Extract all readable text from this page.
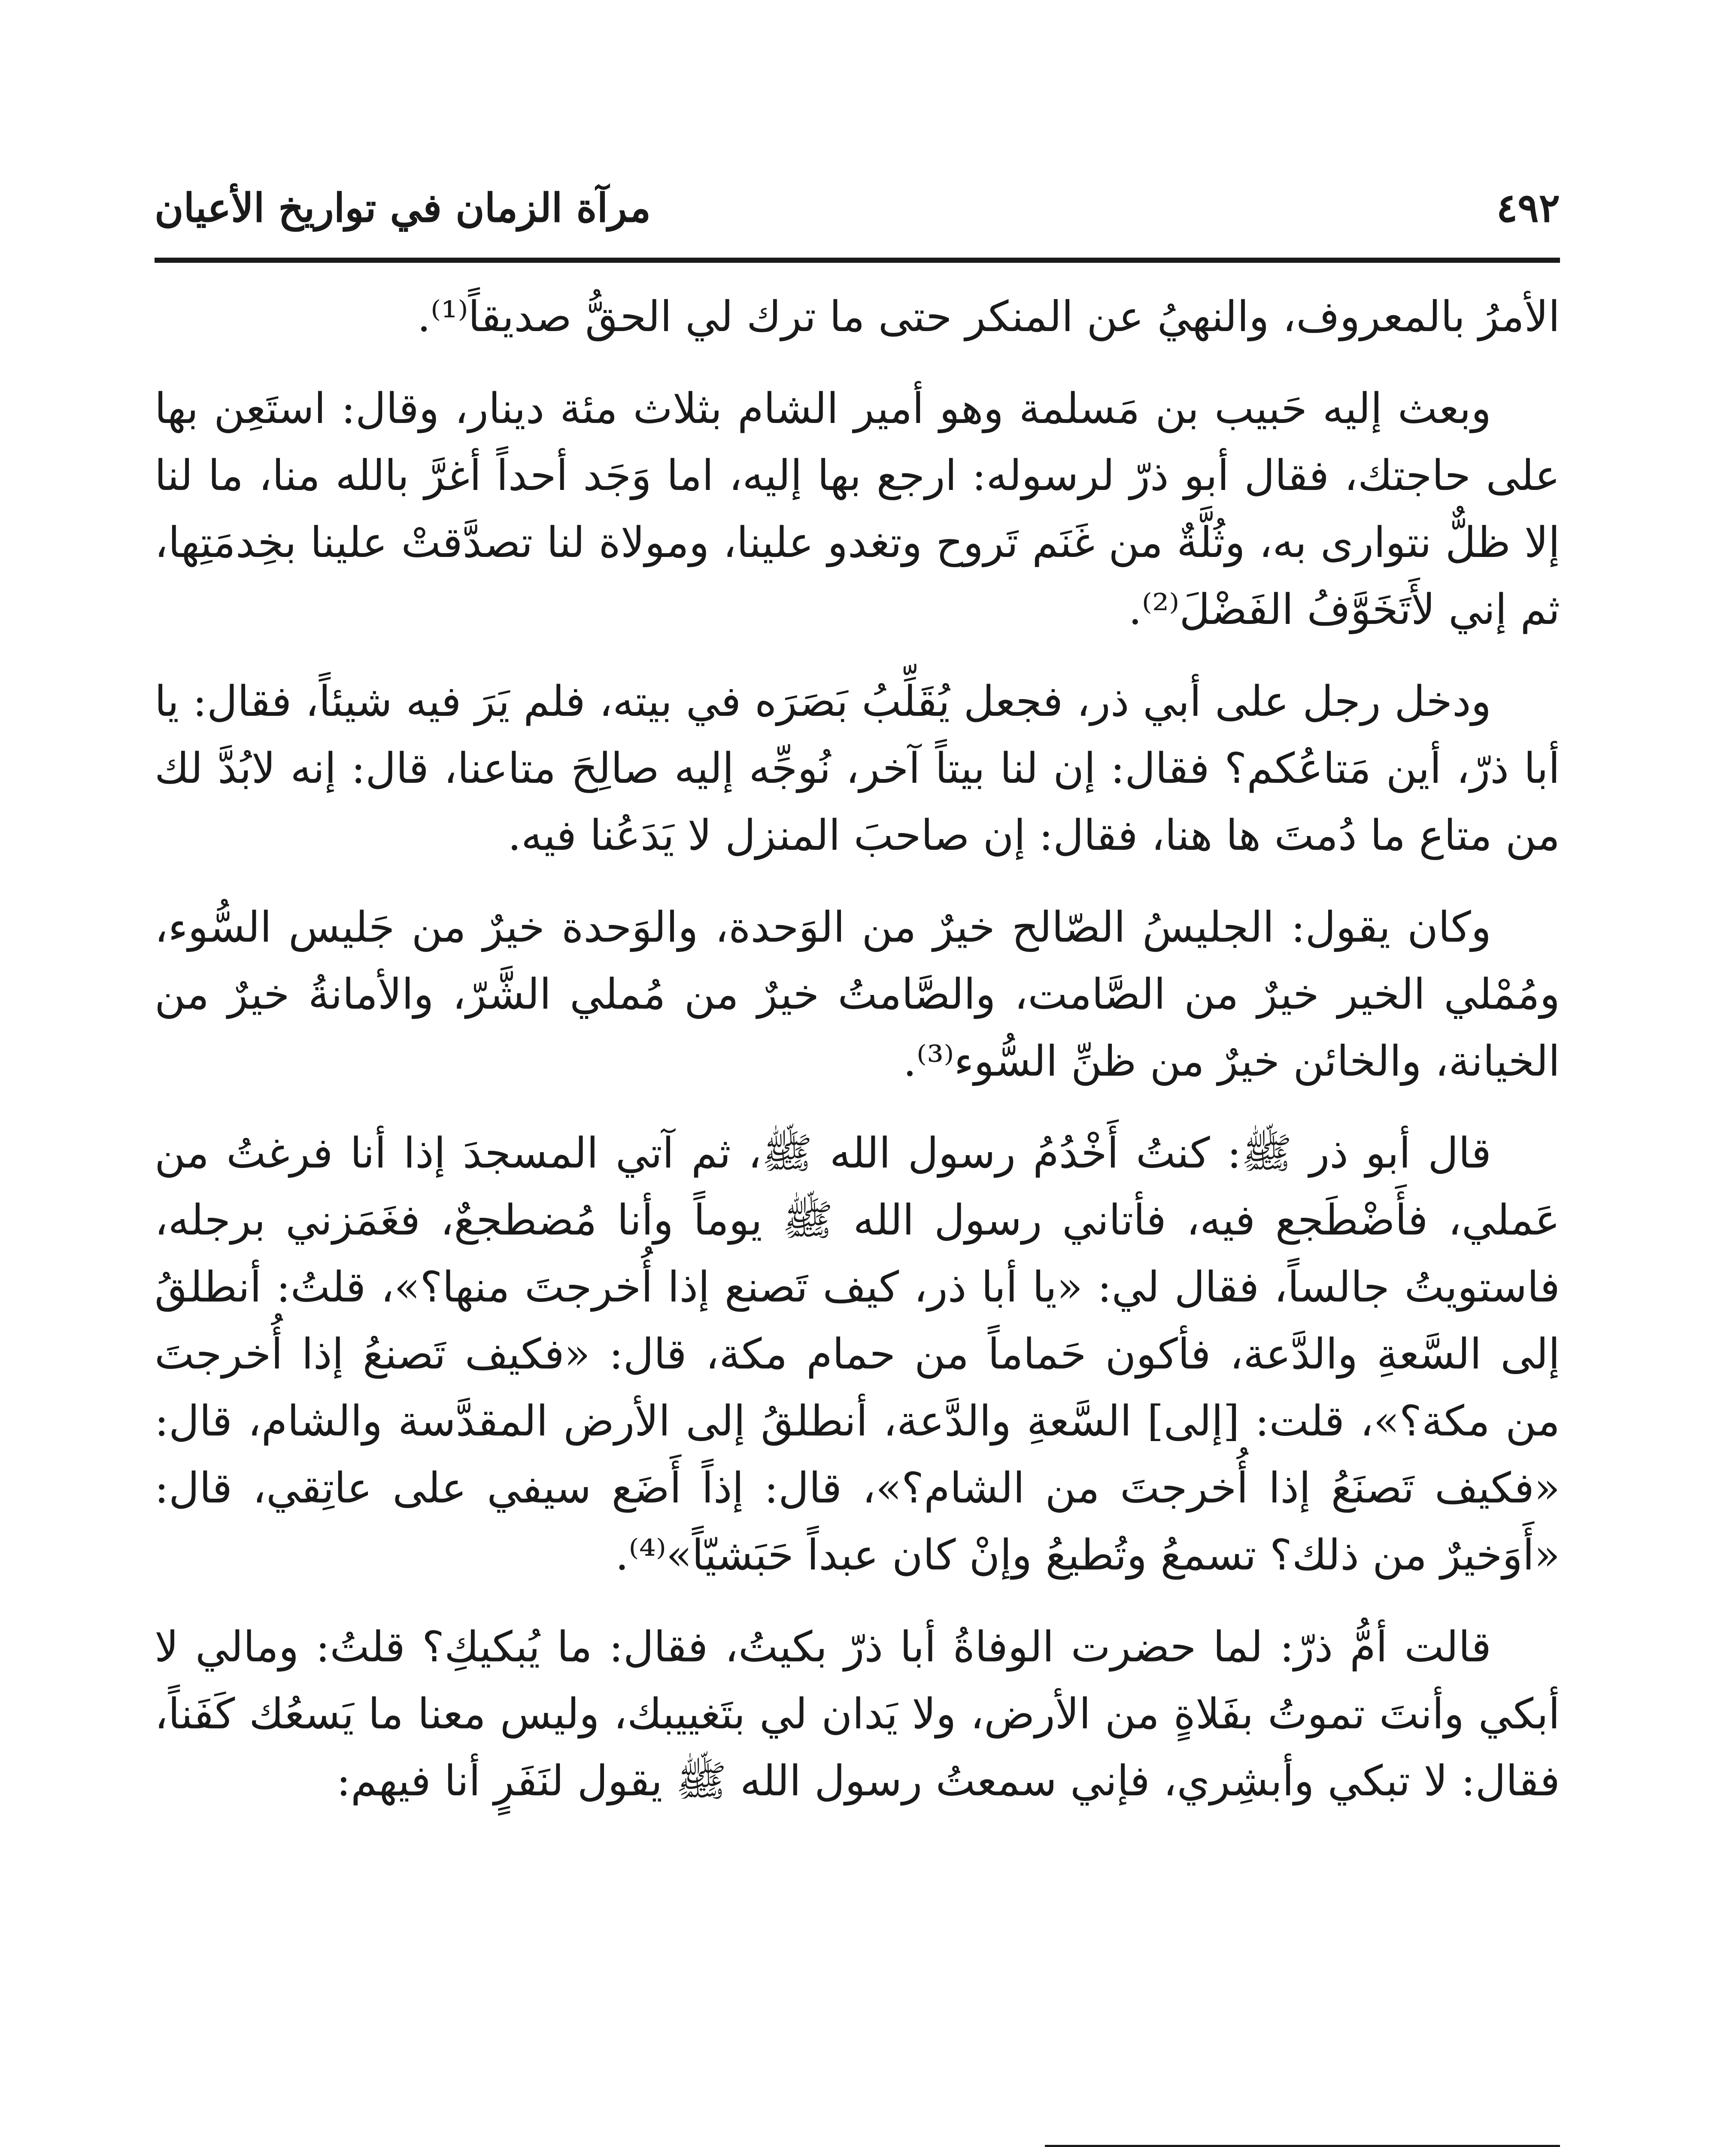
٤٩٢
مرآة الزمان في تواريخ الأعيان

الأمرُ بالمعروف، والنهيُ عن المنكر حتى ما ترك لي الحقُّ صديقاً⁽¹⁾.

وبعث إليه حَبيب بن مَسلمة وهو أمير الشام بثلاث مئة دينار، وقال: استَعِن بها على حاجتك، فقال أبو ذرّ لرسوله: ارجع بها إليه، اما وَجَد أحداً أغرَّ بالله منا، ما لنا إلا ظلٌّ نتوارى به، وثُلَّةٌ من غَنَم تَروح وتغدو علينا، ومولاة لنا تصدَّقتْ علينا بخِدمَتِها، ثم إني لأَتَخَوَّفُ الفَضْلَ⁽²⁾.

ودخل رجل على أبي ذر، فجعل يُقَلِّبُ بَصَرَه في بيته، فلم يَرَ فيه شيئاً، فقال: يا أبا ذرّ، أين مَتاعُكم؟ فقال: إن لنا بيتاً آخر، نُوجِّه إليه صالِحَ متاعنا، قال: إنه لابُدَّ لك من متاع ما دُمتَ ها هنا، فقال: إن صاحبَ المنزل لا يَدَعُنا فيه.

وكان يقول: الجليسُ الصّالح خيرٌ من الوَحدة، والوَحدة خيرٌ من جَليس السُّوء، ومُمْلي الخير خيرٌ من الصَّامت، والصَّامتُ خيرٌ من مُملي الشَّرّ، والأمانةُ خيرٌ من الخيانة، والخائن خيرٌ من ظنِّ السُّوء⁽³⁾.

قال أبو ذر ﷺ: كنتُ أَخْدُمُ رسول الله ﷺ، ثم آتي المسجدَ إذا أنا فرغتُ من عَملي، فأَضْطَجع فيه، فأتاني رسول الله ﷺ يوماً وأنا مُضطجعٌ، فغَمَزني برجله، فاستويتُ جالساً، فقال لي: «يا أبا ذر، كيف تَصنع إذا أُخرجتَ منها؟»، قلتُ: أنطلقُ إلى السَّعةِ والدَّعة، فأكون حَماماً من حمام مكة، قال: «فكيف تَصنعُ إذا أُخرجتَ من مكة؟»، قلت: [إلى] السَّعةِ والدَّعة، أنطلقُ إلى الأرض المقدَّسة والشام، قال: «فكيف تَصنَعُ إذا أُخرجتَ من الشام؟»، قال: إذاً أَضَع سيفي على عاتِقي، قال: «أَوَخيرٌ من ذلك؟ تسمعُ وتُطيعُ وإنْ كان عبداً حَبَشيّاً»⁽⁴⁾.

قالت أمُّ ذرّ: لما حضرت الوفاةُ أبا ذرّ بكيتُ، فقال: ما يُبكيكِ؟ قلتُ: ومالي لا أبكي وأنتَ تموتُ بفَلاةٍ من الأرض، ولا يَدان لي بتَغييبك، وليس معنا ما يَسعُك كَفَناً، فقال: لا تبكي وأبشِري، فإني سمعتُ رسول الله ﷺ يقول لنَفَرٍ أنا فيهم:
